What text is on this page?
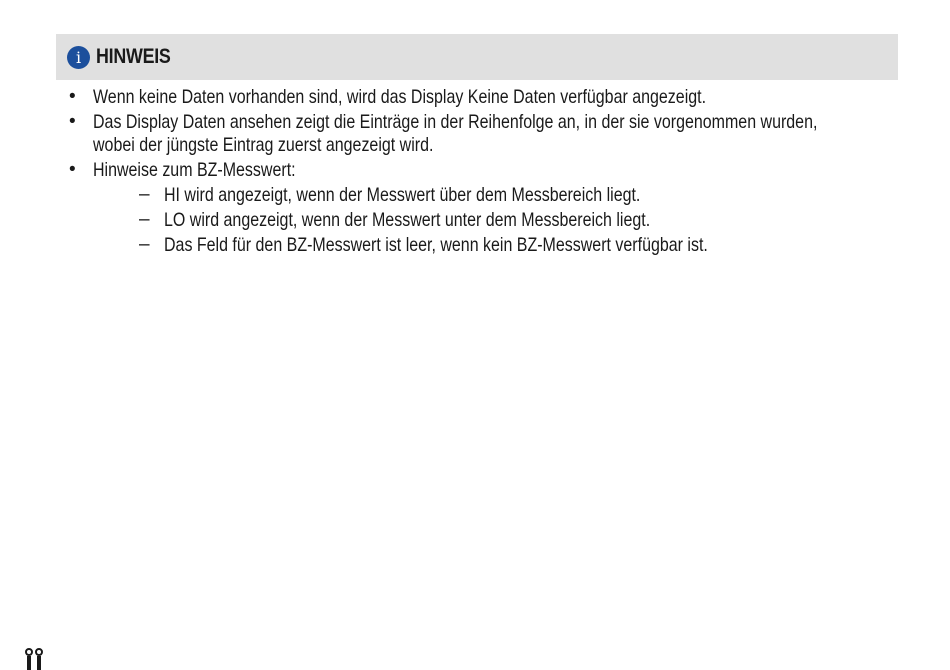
i HINWEIS
• Wenn keine Daten vorhanden sind, wird das Display Keine Daten verfügbar angezeigt.
• Das Display Daten ansehen zeigt die Einträge in der Reihenfolge an, in der sie vorgenommen wurden,
wobei der jüngste Eintrag zuerst angezeigt wird.
• Hinweise zum BZ-Messwert:
– HI wird angezeigt, wenn der Messwert über dem Messbereich liegt.
– LO wird angezeigt, wenn der Messwert unter dem Messbereich liegt.
– Das Feld für den BZ-Messwert ist leer, wenn kein BZ-Messwert verfügbar ist.
